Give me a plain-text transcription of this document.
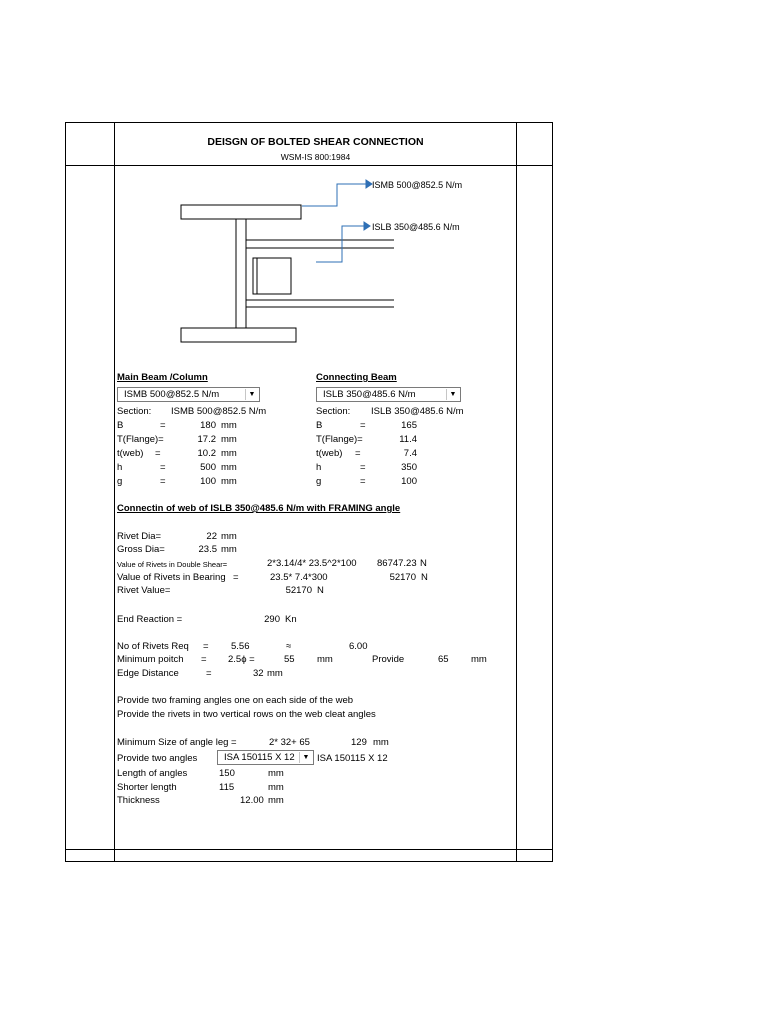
DEISGN OF BOLTED SHEAR CONNECTION
WSM-IS 800:1984
ISMB 500@852.5 N/m
ISLB 350@485.6 N/m
Main Beam /Column
ISMB 500@852.5 N/m	▼
Section: ISMB 500@852.5 N/m
B	=	180 mm
T(Flange)=	17.2 mm
t(web) =	10.2 mm
h	=	500 mm
g	=	100 mm
Connecting Beam
ISLB 350@485.6 N/m	▼
Section: ISLB 350@485.6 N/m
B	=	165
T(Flange)=	11.4
t(web) =	7.4
h	=	350
g	=	100
Connectin of web of ISLB 350@485.6 N/m with FRAMING angle
Rivet Dia=	22 mm
Gross Dia=	23.5 mm
Value of Rivets in Double Shear=	2*3.14/4* 23.5^2*100 86747.23 N
Value of Rivets in Bearing =	23.5* 7.4*300	52170 N
Rivet Value=	52170 N
End Reaction =	290 Kn
No of Rivets Req = 5.56	≈	6.00
Minimum poitch = 2.5ϕ =	55 mm	Provide	65 mm
Edge Distance	=	32 mm
Provide two framing angles one on each side of the web
Provide the rivets in two vertical rows on the web cleat angles
Minimum Size of angle leg =	2* 32+ 65	129 mm
Provide two angles	ISA 150115 X 12	▼ ISA 150115 X 12
Length of angles	150	mm
Shorter length	115	mm
Thickness	12.00 mm
